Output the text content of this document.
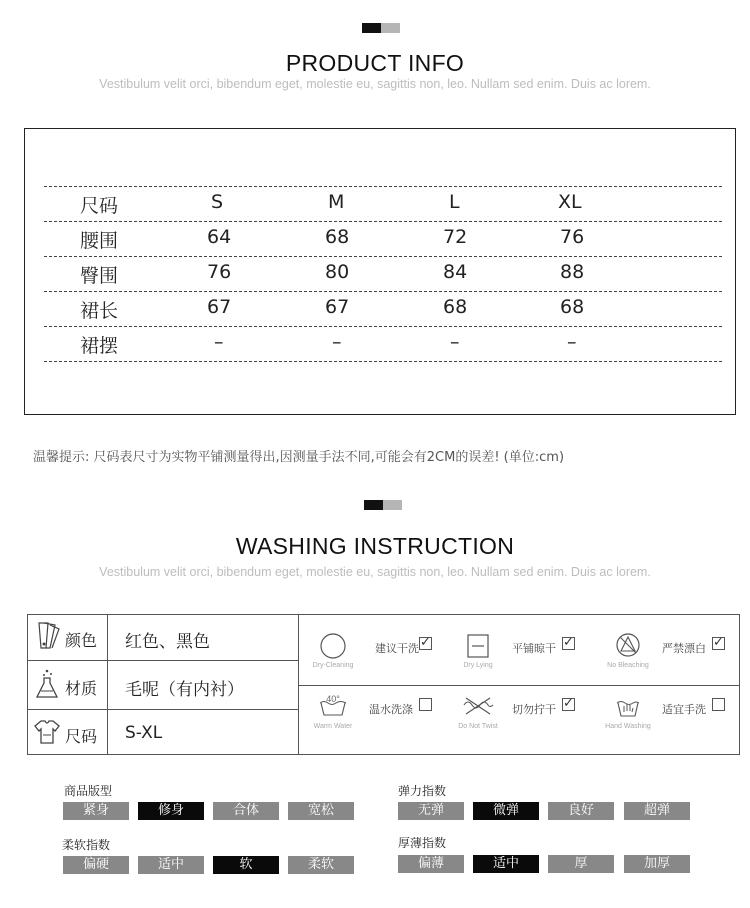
PRODUCT INFO
Vestibulum velit orci, bibendum eget, molestie eu, sagittis non, leo. Nullam sed enim. Duis ac lorem.
尺码	S	M	L	XL
腰围	64	68	72	76
臀围	76	80	84	88
裙长	67	67	68	68
裙摆	–	–	–	–
温馨提示: 尺码表尺寸为实物平铺测量得出,因测量手法不同,可能会有2CM的误差! (单位:cm)
WASHING INSTRUCTION
Vestibulum velit orci, bibendum eget, molestie eu, sagittis non, leo. Nullam sed enim. Duis ac lorem.
颜色 红色、黑色
材质 毛呢（有内衬）
尺码 S-XL
Dry-Cleaning
建议干洗 ✓
Dry Lying
平铺晾干 ✓
No Bleaching
严禁漂白 ✓
40°
Warm Water
温水洗涤
Do Not Twist
切勿拧干 ✓
Hand Washing
适宜手洗
商品版型
紧身	修身	合体	宽松
弹力指数
无弹	微弹	良好	超弹
柔软指数
偏硬	适中	软	柔软
厚薄指数
偏薄	适中	厚	加厚
